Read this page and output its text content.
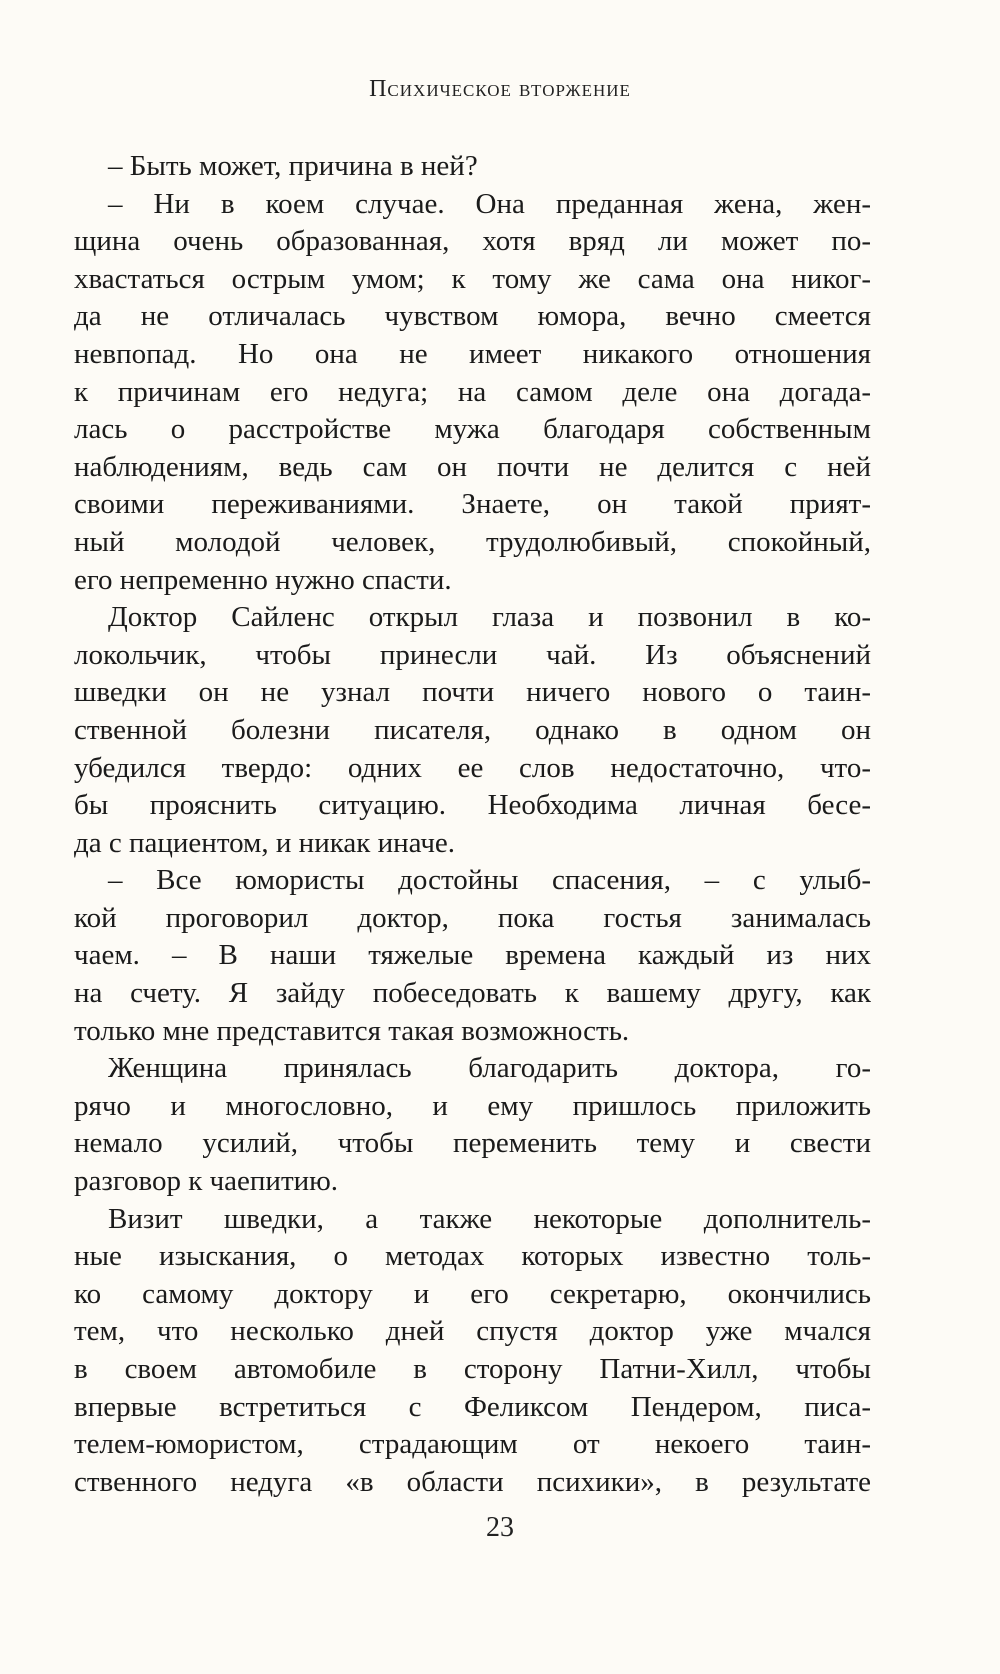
Психическое вторжение
– Быть может, причина в ней?
– Ни в коем случае. Она преданная жена, жен-
щина очень образованная, хотя вряд ли может по-
хвастаться острым умом; к тому же сама она никог-
да не отличалась чувством юмора, вечно смеется
невпопад. Но она не имеет никакого отношения
к причинам его недуга; на самом деле она догада-
лась о расстройстве мужа благодаря собственным
наблюдениям, ведь сам он почти не делится с ней
своими переживаниями. Знаете, он такой прият-
ный молодой человек, трудолюбивый, спокойный,
его непременно нужно спасти.
Доктор Сайленс открыл глаза и позвонил в ко-
локольчик, чтобы принесли чай. Из объяснений
шведки он не узнал почти ничего нового о таин-
ственной болезни писателя, однако в одном он
убедился твердо: одних ее слов недостаточно, что-
бы прояснить ситуацию. Необходима личная бесе-
да с пациентом, и никак иначе.
– Все юмористы достойны спасения, – с улыб-
кой проговорил доктор, пока гостья занималась
чаем. – В наши тяжелые времена каждый из них
на счету. Я зайду побеседовать к вашему другу, как
только мне представится такая возможность.
Женщина принялась благодарить доктора, го-
рячо и многословно, и ему пришлось приложить
немало усилий, чтобы переменить тему и свести
разговор к чаепитию.
Визит шведки, а также некоторые дополнитель-
ные изыскания, о методах которых известно толь-
ко самому доктору и его секретарю, окончились
тем, что несколько дней спустя доктор уже мчался
в своем автомобиле в сторону Патни-Хилл, чтобы
впервые встретиться с Феликсом Пендером, писа-
телем-юмористом, страдающим от некоего таин-
ственного недуга «в области психики», в результате
23
